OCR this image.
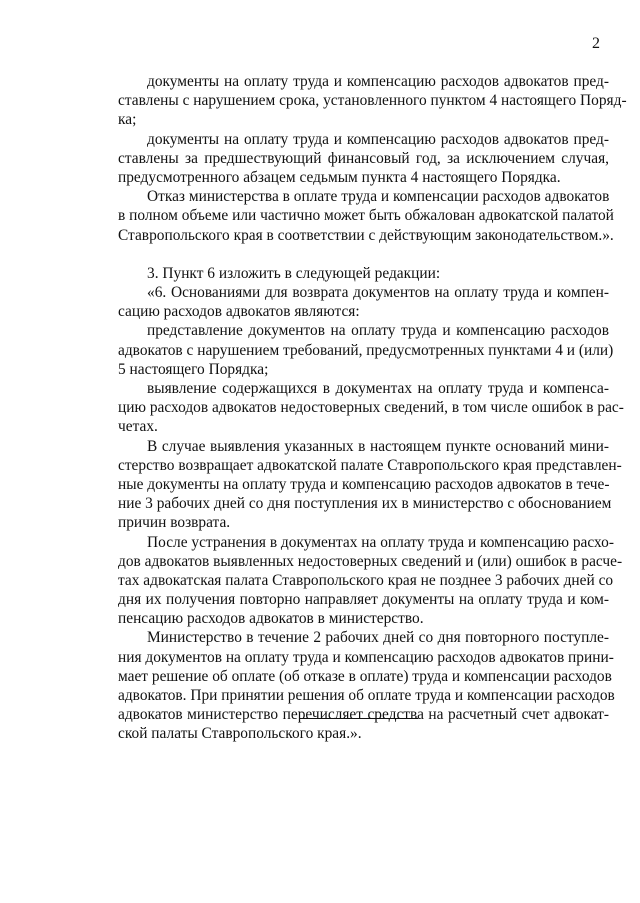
2
документы на оплату труда и компенсацию расходов адвокатов пред-
ставлены с нарушением срока, установленного пунктом 4 настоящего Поряд-
ка;
документы на оплату труда и компенсацию расходов адвокатов пред-
ставлены за предшествующий финансовый год, за исключением случая,
предусмотренного абзацем седьмым пункта 4 настоящего Порядка.
Отказ министерства в оплате труда и компенсации расходов адвокатов
в полном объеме или частично может быть обжалован адвокатской палатой
Ставропольского края в соответствии с действующим законодательством.».
3. Пункт 6 изложить в следующей редакции:
«6. Основаниями для возврата документов на оплату труда и компен-
сацию расходов адвокатов являются:
представление документов на оплату труда и компенсацию расходов
адвокатов с нарушением требований, предусмотренных пунктами 4 и (или)
5 настоящего Порядка;
выявление содержащихся в документах на оплату труда и компенса-
цию расходов адвокатов недостоверных сведений, в том числе ошибок в рас-
четах.
В случае выявления указанных в настоящем пункте оснований мини-
стерство возвращает адвокатской палате Ставропольского края представлен-
ные документы на оплату труда и компенсацию расходов адвокатов в тече-
ние 3 рабочих дней со дня поступления их в министерство с обоснованием
причин возврата.
После устранения в документах на оплату труда и компенсацию расхо-
дов адвокатов выявленных недостоверных сведений и (или) ошибок в расче-
тах адвокатская палата Ставропольского края не позднее 3 рабочих дней со
дня их получения повторно направляет документы на оплату труда и ком-
пенсацию расходов адвокатов в министерство.
Министерство в течение 2 рабочих дней со дня повторного поступле-
ния документов на оплату труда и компенсацию расходов адвокатов прини-
мает решение об оплате (об отказе в оплате) труда и компенсации расходов
адвокатов. При принятии решения об оплате труда и компенсации расходов
адвокатов министерство перечисляет средства на расчетный счет адвокат-
ской палаты Ставропольского края.».
